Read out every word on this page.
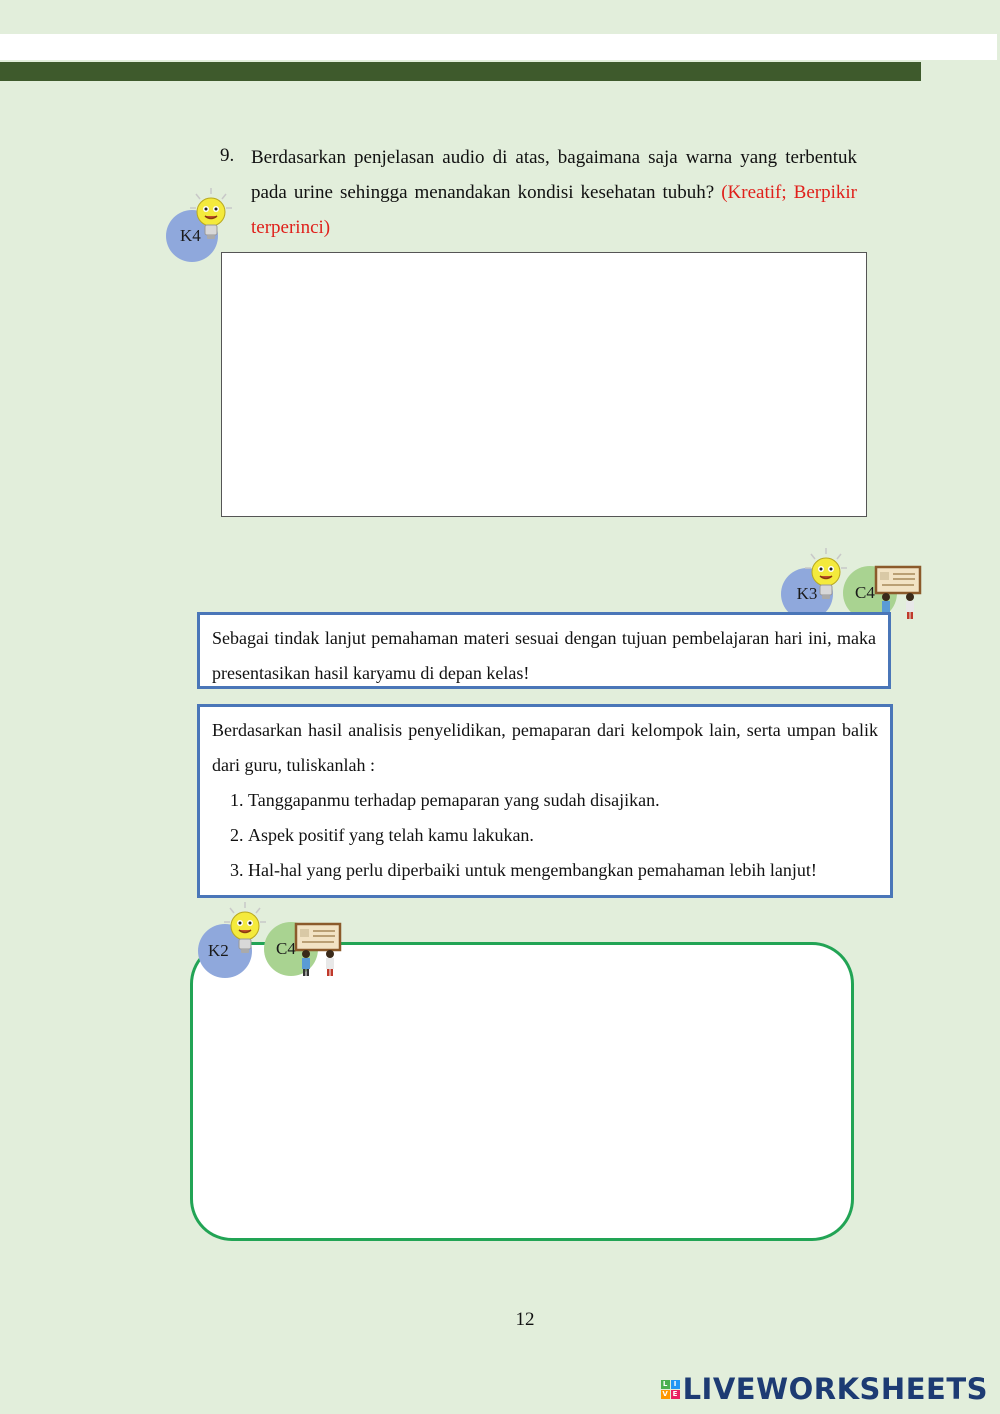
9. Berdasarkan penjelasan audio di atas, bagaimana saja warna yang terbentuk pada urine sehingga menandakan kondisi kesehatan tubuh? (Kreatif; Berpikir terperinci)
K4
K3 C4
Sebagai tindak lanjut pemahaman materi sesuai dengan tujuan pembelajaran hari ini, maka presentasikan hasil karyamu di depan kelas!
Berdasarkan hasil analisis penyelidikan, pemaparan dari kelompok lain, serta umpan balik dari guru, tuliskanlah :
1. Tanggapanmu terhadap pemaparan yang sudah disajikan.
2. Aspek positif yang telah kamu lakukan.
3. Hal-hal yang perlu diperbaiki untuk mengembangkan pemahaman lebih lanjut!
K2	C4
12
L I
V E LIVEWORKSHEETS
